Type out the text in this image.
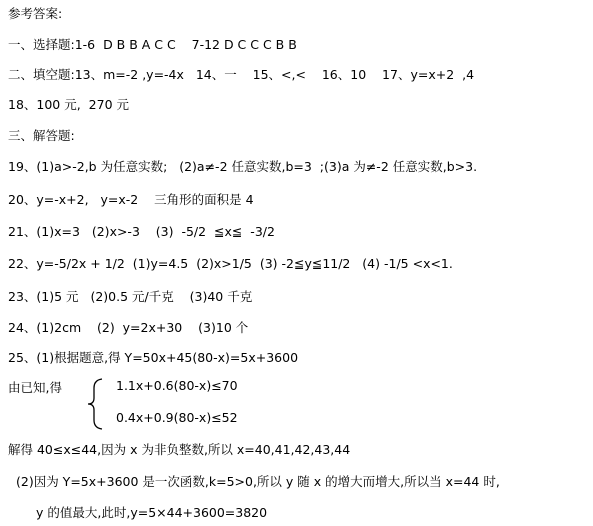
参考答案:
一、选择题:1-6  D B B A C C    7-12 D C C C B B
二、填空题:13、m=-2 ,y=-4x   14、一    15、<,<    16、10    17、y=x+2  ,4
18、100 元,  270 元
三、解答题:
19、(1)a>-2,b 为任意实数;   (2)a≠-2 任意实数,b=3  ;(3)a 为≠-2 任意实数,b>3.
20、y=-x+2,   y=x-2    三角形的面积是 4
21、(1)x=3   (2)x>-3    (3)  -5/2  ≦x≦  -3/2
22、y=-5/2x + 1/2  (1)y=4.5  (2)x>1/5  (3) -2≦y≦11/2   (4) -1/5 <x<1.
23、(1)5 元   (2)0.5 元/千克    (3)40 千克
24、(1)2cm    (2)  y=2x+30    (3)10 个
25、(1)根据题意,得 Y=50x+45(80-x)=5x+3600
由已知,得	1.1x+0.6(80-x)≤70
0.4x+0.9(80-x)≤52
解得 40≤x≤44,因为 x 为非负整数,所以 x=40,41,42,43,44
(2)因为 Y=5x+3600 是一次函数,k=5>0,所以 y 随 x 的增大而增大,所以当 x=44 时,
y 的值最大,此时,y=5×44+3600=3820
